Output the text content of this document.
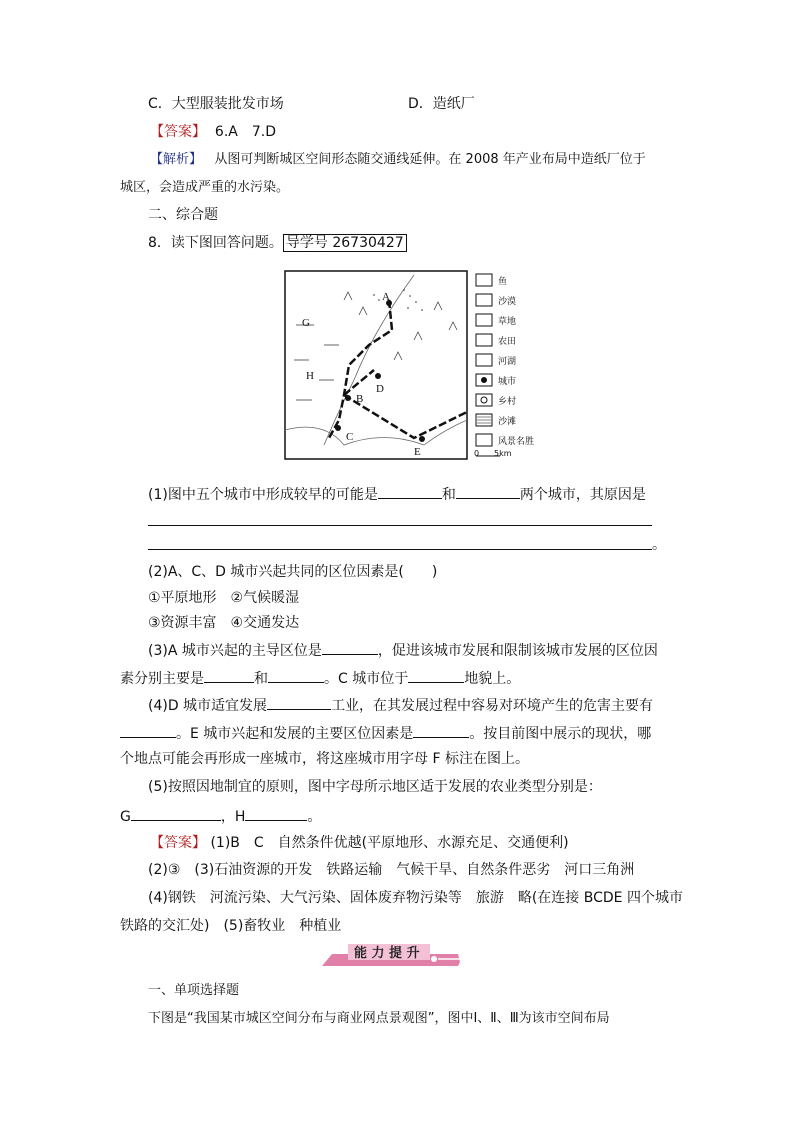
C．大型服装批发市场	D．造纸厂
【答案】 6.A　7.D
【解析】 从图可判断城区空间形态随交通线延伸。在 2008 年产业布局中造纸厂位于
城区，会造成严重的水污染。
二、综合题
8．读下图回答问题。 导学号 26730427
A
B
C
D
E
G
H
鱼
沙漠
草地
农田
河湖
城市
乡村
沙滩
风景名胜
0 5km
(1)图中五个城市中形成较早的可能是	和	两个城市，其原因是
。
(2)A、C、D 城市兴起共同的区位因素是(　　)
①平原地形　②气候暖湿
③资源丰富　④交通发达
(3)A 城市兴起的主导区位是	，促进该城市发展和限制该城市发展的区位因
素分别主要是	和	。C 城市位于	地貌上。
(4)D 城市适宜发展	工业，在其发展过程中容易对环境产生的危害主要有
。E 城市兴起和发展的主要区位因素是	。按目前图中展示的现状，哪
个地点可能会再形成一座城市，将这座城市用字母 F 标注在图上。
(5)按照因地制宜的原则，图中字母所示地区适于发展的农业类型分别是：
G	，H	。
【答案】 (1)B　C　自然条件优越(平原地形、水源充足、交通便利)
(2)③　(3)石油资源的开发　铁路运输　气候干旱、自然条件恶劣　河口三角洲
(4)钢铁　河流污染、大气污染、固体废弃物污染等　旅游　略(在连接 BCDE 四个城市
铁路的交汇处)　(5)畜牧业　种植业
能 力 提 升
一、单项选择题
下图是“我国某市城区空间分布与商业网点景观图”，图中Ⅰ、Ⅱ、Ⅲ为该市空间布局
